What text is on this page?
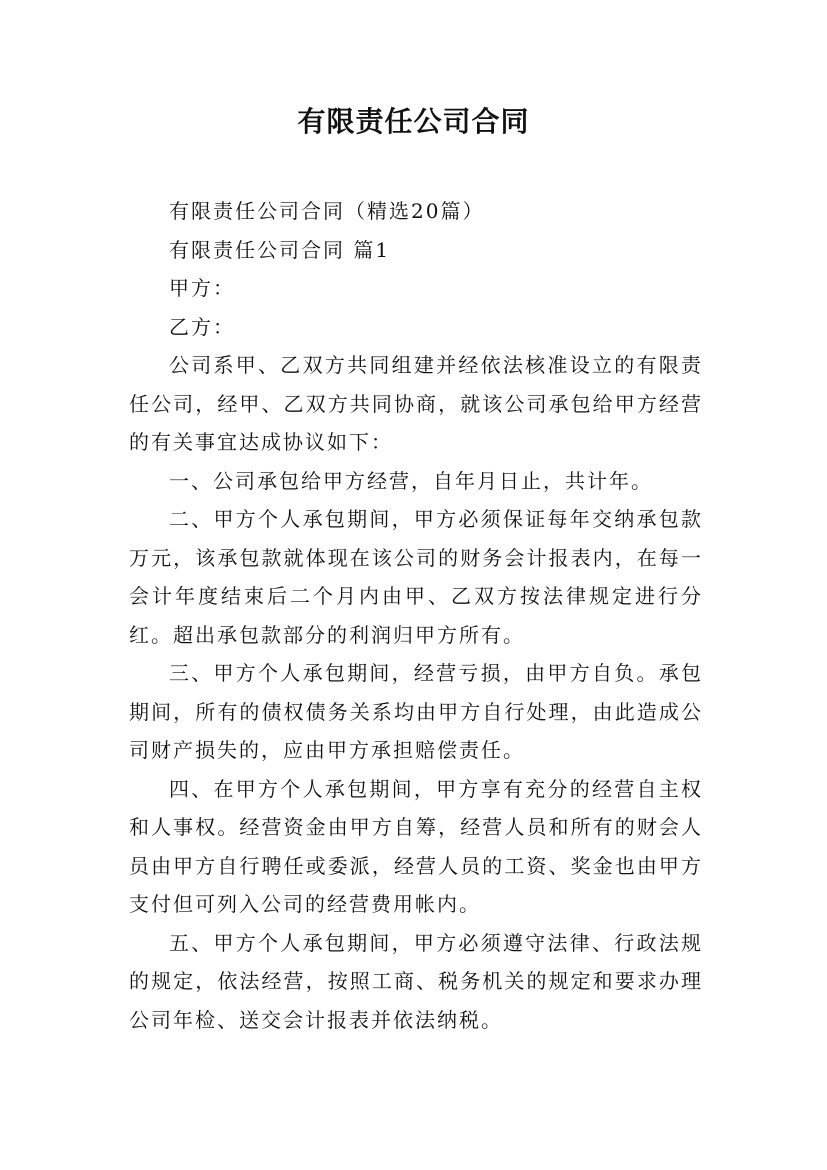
有限责任公司合同

有限责任公司合同（精选20篇）

有限责任公司合同 篇1

甲方：

乙方：

公司系甲、乙双方共同组建并经依法核准设立的有限责任公司，经甲、乙双方共同协商，就该公司承包给甲方经营的有关事宜达成协议如下：

一、公司承包给甲方经营，自年月日止，共计年。

二、甲方个人承包期间，甲方必须保证每年交纳承包款万元，该承包款就体现在该公司的财务会计报表内，在每一会计年度结束后二个月内由甲、乙双方按法律规定进行分红。超出承包款部分的利润归甲方所有。

三、甲方个人承包期间，经营亏损，由甲方自负。承包期间，所有的债权债务关系均由甲方自行处理，由此造成公司财产损失的，应由甲方承担赔偿责任。

四、在甲方个人承包期间，甲方享有充分的经营自主权和人事权。经营资金由甲方自筹，经营人员和所有的财会人员由甲方自行聘任或委派，经营人员的工资、奖金也由甲方支付但可列入公司的经营费用帐内。

五、甲方个人承包期间，甲方必须遵守法律、行政法规的规定，依法经营，按照工商、税务机关的规定和要求办理公司年检、送交会计报表并依法纳税。
